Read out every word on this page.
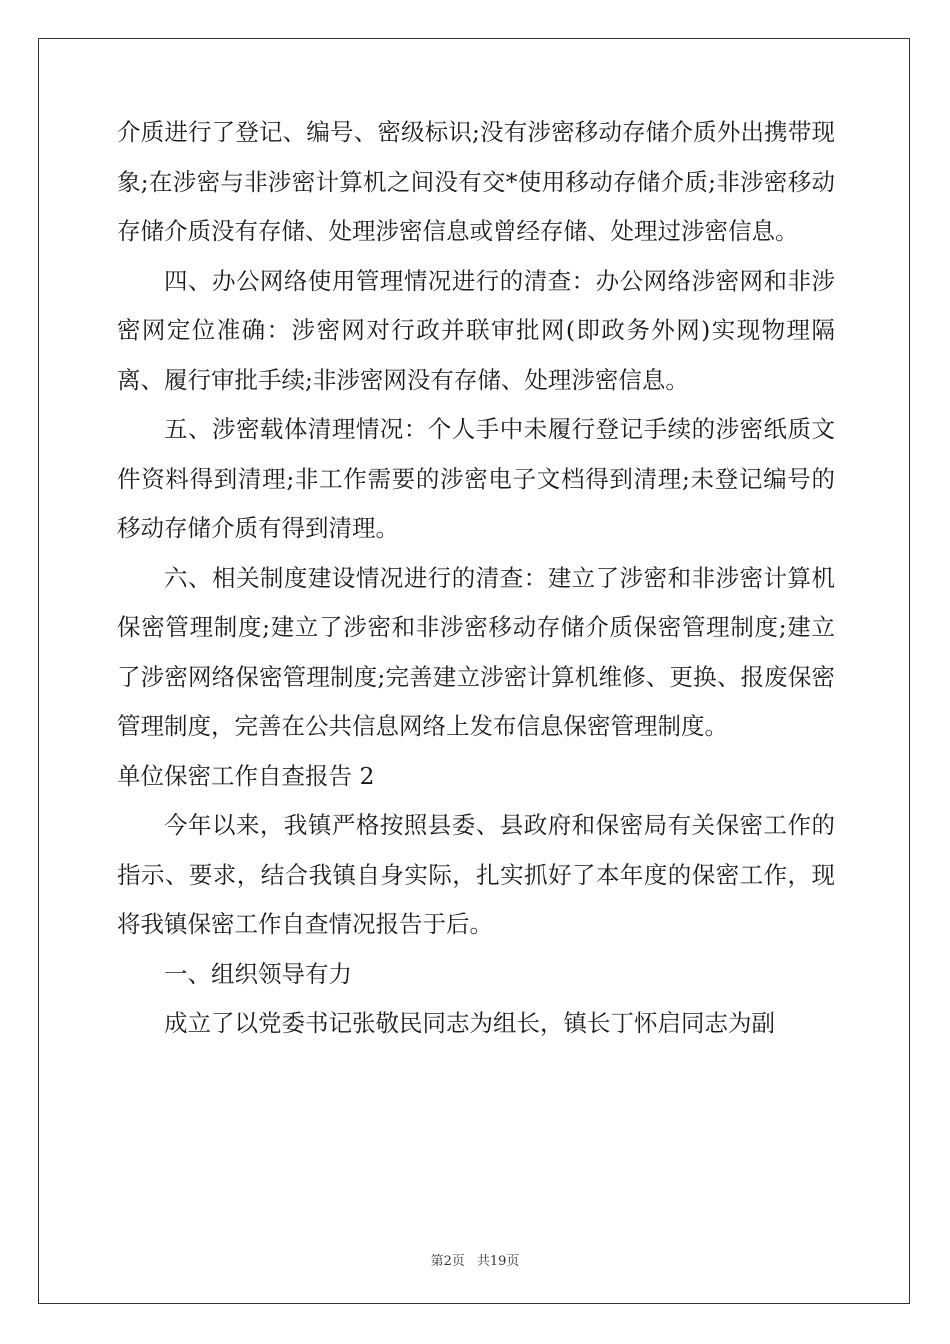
介质进行了登记、编号、密级标识;没有涉密移动存储介质外出携带现象;在涉密与非涉密计算机之间没有交*使用移动存储介质;非涉密移动存储介质没有存储、处理涉密信息或曾经存储、处理过涉密信息。

四、办公网络使用管理情况进行的清查：办公网络涉密网和非涉密网定位准确：涉密网对行政并联审批网(即政务外网)实现物理隔离、履行审批手续;非涉密网没有存储、处理涉密信息。

五、涉密载体清理情况：个人手中未履行登记手续的涉密纸质文件资料得到清理;非工作需要的涉密电子文档得到清理;未登记编号的移动存储介质有得到清理。

六、相关制度建设情况进行的清查：建立了涉密和非涉密计算机保密管理制度;建立了涉密和非涉密移动存储介质保密管理制度;建立了涉密网络保密管理制度;完善建立涉密计算机维修、更换、报废保密管理制度，完善在公共信息网络上发布信息保密管理制度。

单位保密工作自查报告 2

今年以来，我镇严格按照县委、县政府和保密局有关保密工作的指示、要求，结合我镇自身实际，扎实抓好了本年度的保密工作，现将我镇保密工作自查情况报告于后。

一、组织领导有力

成立了以党委书记张敬民同志为组长，镇长丁怀启同志为副

第2页 共19页
